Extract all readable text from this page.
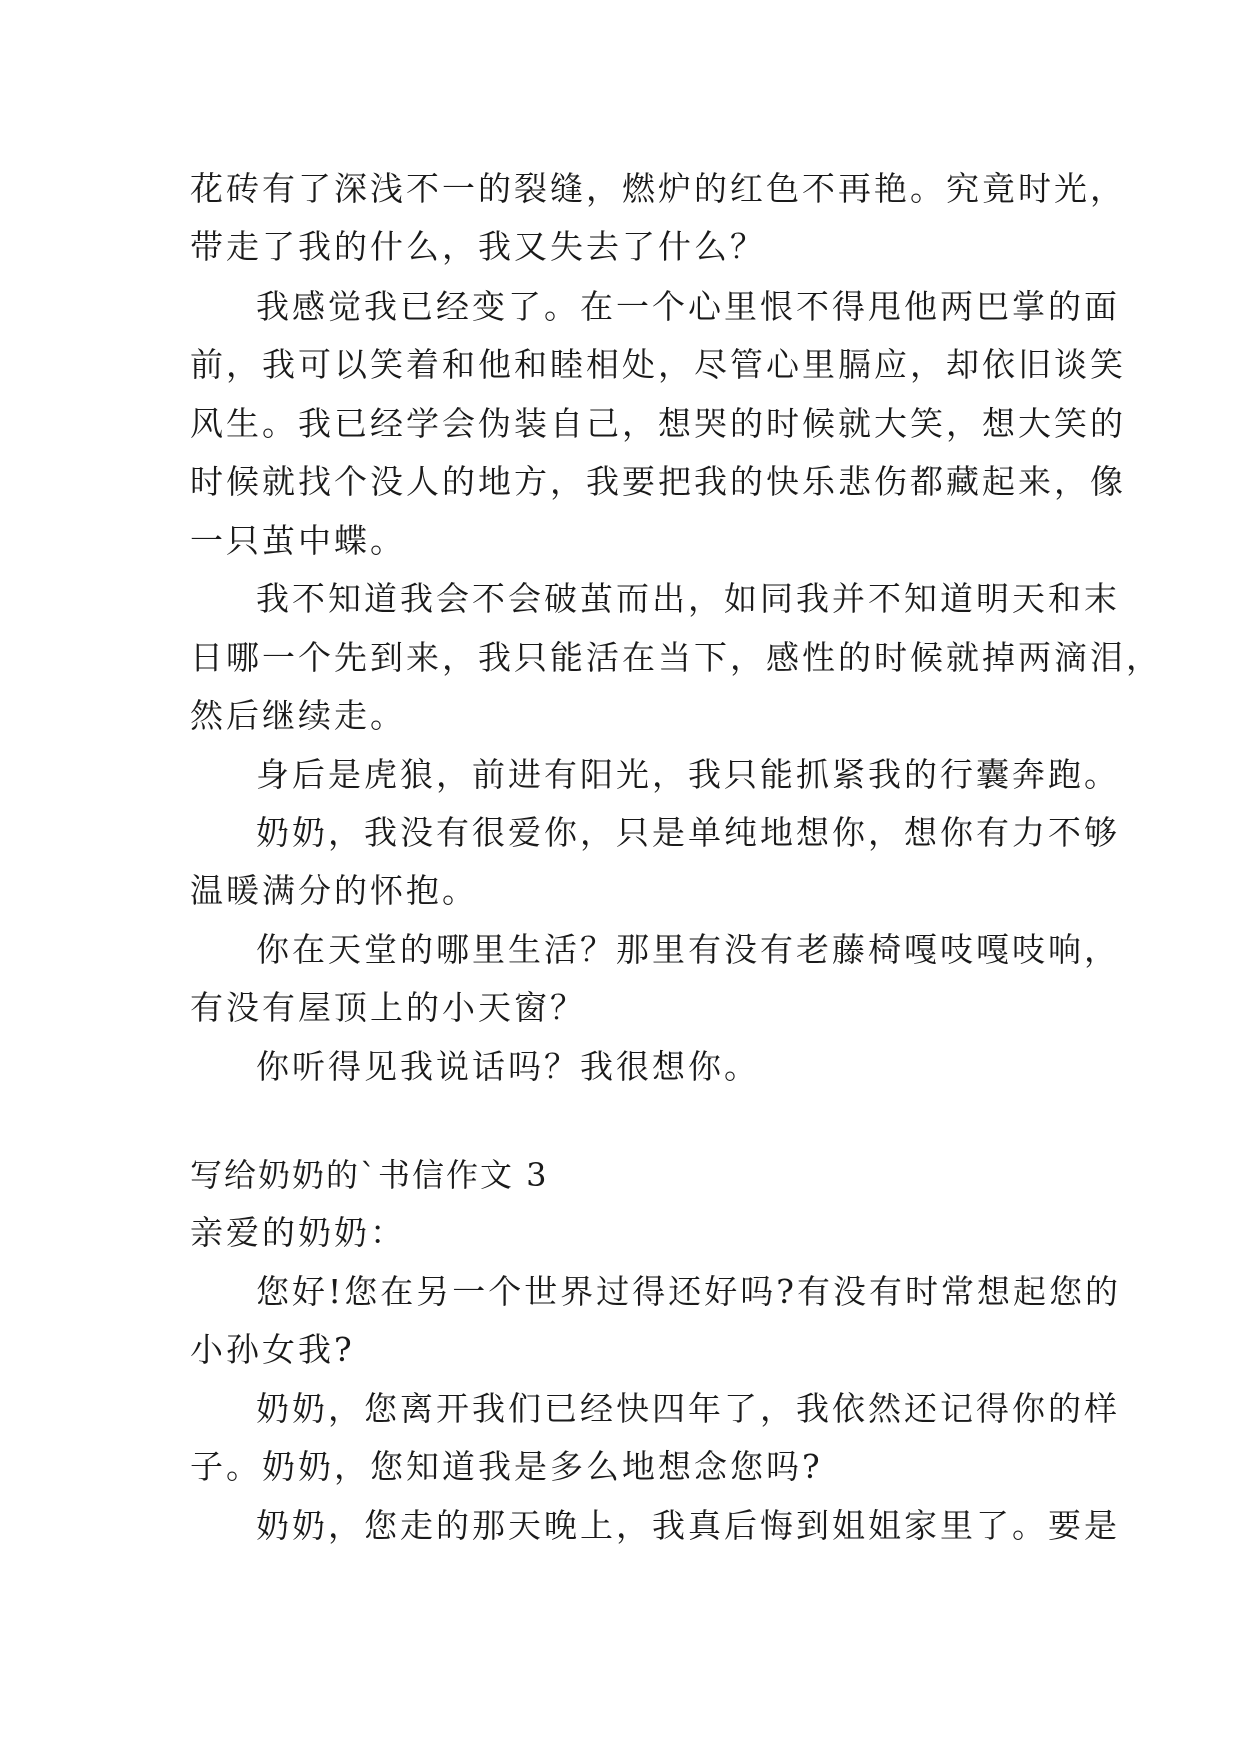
花砖有了深浅不一的裂缝，燃炉的红色不再艳。究竟时光，
带走了我的什么，我又失去了什么？
我感觉我已经变了。在一个心里恨不得甩他两巴掌的面
前，我可以笑着和他和睦相处，尽管心里膈应，却依旧谈笑
风生。我已经学会伪装自己，想哭的时候就大笑，想大笑的
时候就找个没人的地方，我要把我的快乐悲伤都藏起来，像
一只茧中蝶。
我不知道我会不会破茧而出，如同我并不知道明天和末
日哪一个先到来，我只能活在当下，感性的时候就掉两滴泪，
然后继续走。
身后是虎狼，前进有阳光，我只能抓紧我的行囊奔跑。
奶奶，我没有很爱你，只是单纯地想你，想你有力不够
温暖满分的怀抱。
你在天堂的哪里生活？那里有没有老藤椅嘎吱嘎吱响，
有没有屋顶上的小天窗？
你听得见我说话吗？我很想你。
写给奶奶的`书信作文 3
亲爱的奶奶：
您好!您在另一个世界过得还好吗?有没有时常想起您的
小孙女我?
奶奶，您离开我们已经快四年了，我依然还记得你的样
子。奶奶，您知道我是多么地想念您吗?
奶奶，您走的那天晚上，我真后悔到姐姐家里了。要是
